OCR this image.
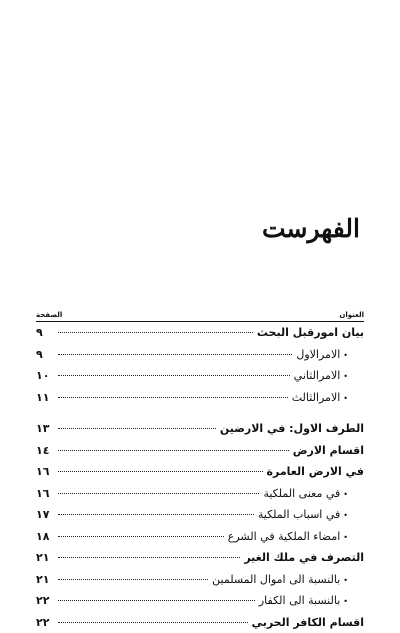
الفهرست
العنوان
الصفحة
بيان امورقبل البحث
٩
• الامرالاول
٩
• الامرالثاني
١٠
• الامرالثالث
١١
الطرف الاول: في الارضين
١٣
اقسام الارض
١٤
في الارض العامرة
١٦
• في معنى الملكية
١٦
• في اسباب الملكية
١٧
• امضاء الملكية في الشرع
١٨
التصرف في ملك الغير
٢١
• بالنسبة الى اموال المسلمين
٢١
• بالنسبة الى الكفار
٢٢
اقسام الكافر الحربي
٢٢
